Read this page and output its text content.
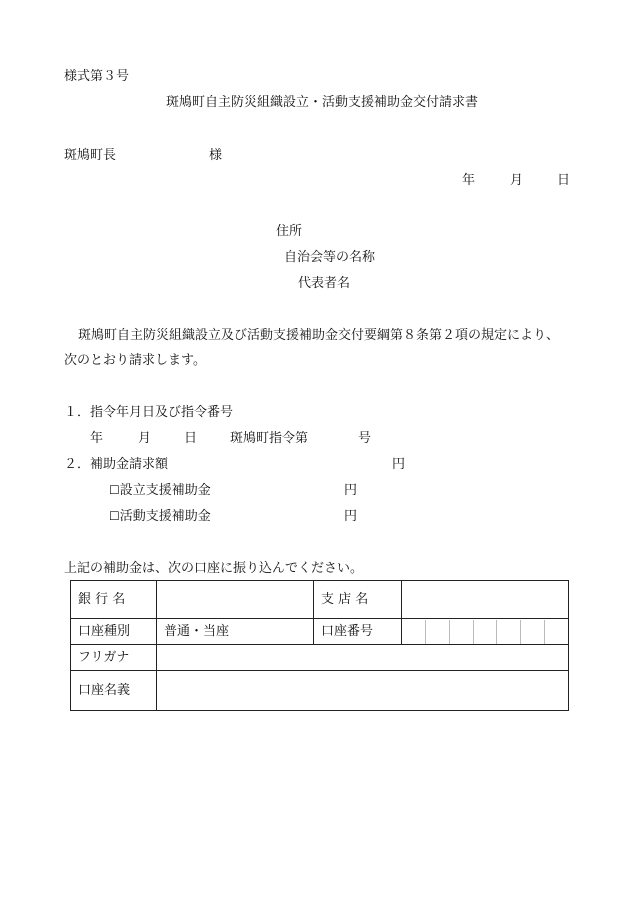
様式第３号
斑鳩町自主防災組織設立・活動支援補助金交付請求書
斑鳩町長	様
年	月	日
住所
自治会等の名称
代表者名
斑鳩町自主防災組織設立及び活動支援補助金交付要綱第８条第２項の規定により、
次のとおり請求します。
１．指令年月日及び指令番号
年	月	日	斑鳩町指令第	号
２．補助金請求額	円
☐設立支援補助金	円
☐活動支援補助金	円
上記の補助金は、次の口座に振り込んでください。
銀 行 名		支 店 名	
口座種別	普通・当座	口座番号	

フリガナ			
口座名義			
